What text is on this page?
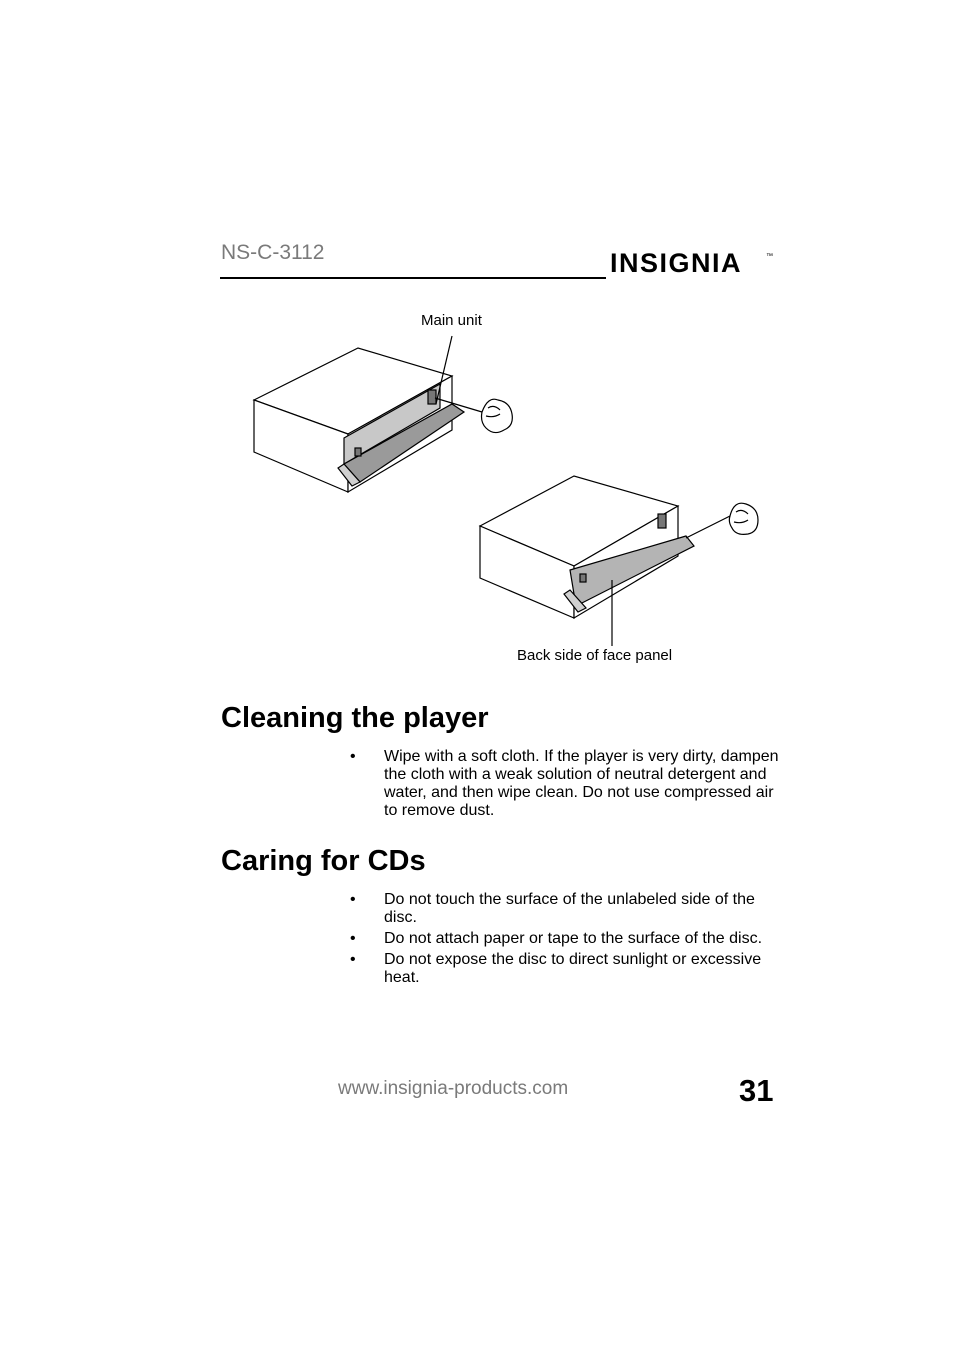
NS-C-3112	INSIGNIA	™
Main unit
Back side of face panel
Cleaning the player
• Wipe with a soft cloth. If the player is very dirty, dampen the cloth with a weak solution of neutral detergent and water, and then wipe clean. Do not use compressed air to remove dust.
Caring for CDs
• Do not touch the surface of the unlabeled side of the disc.
• Do not attach paper or tape to the surface of the disc.
• Do not expose the disc to direct sunlight or excessive heat.
www.insignia-products.com	31
